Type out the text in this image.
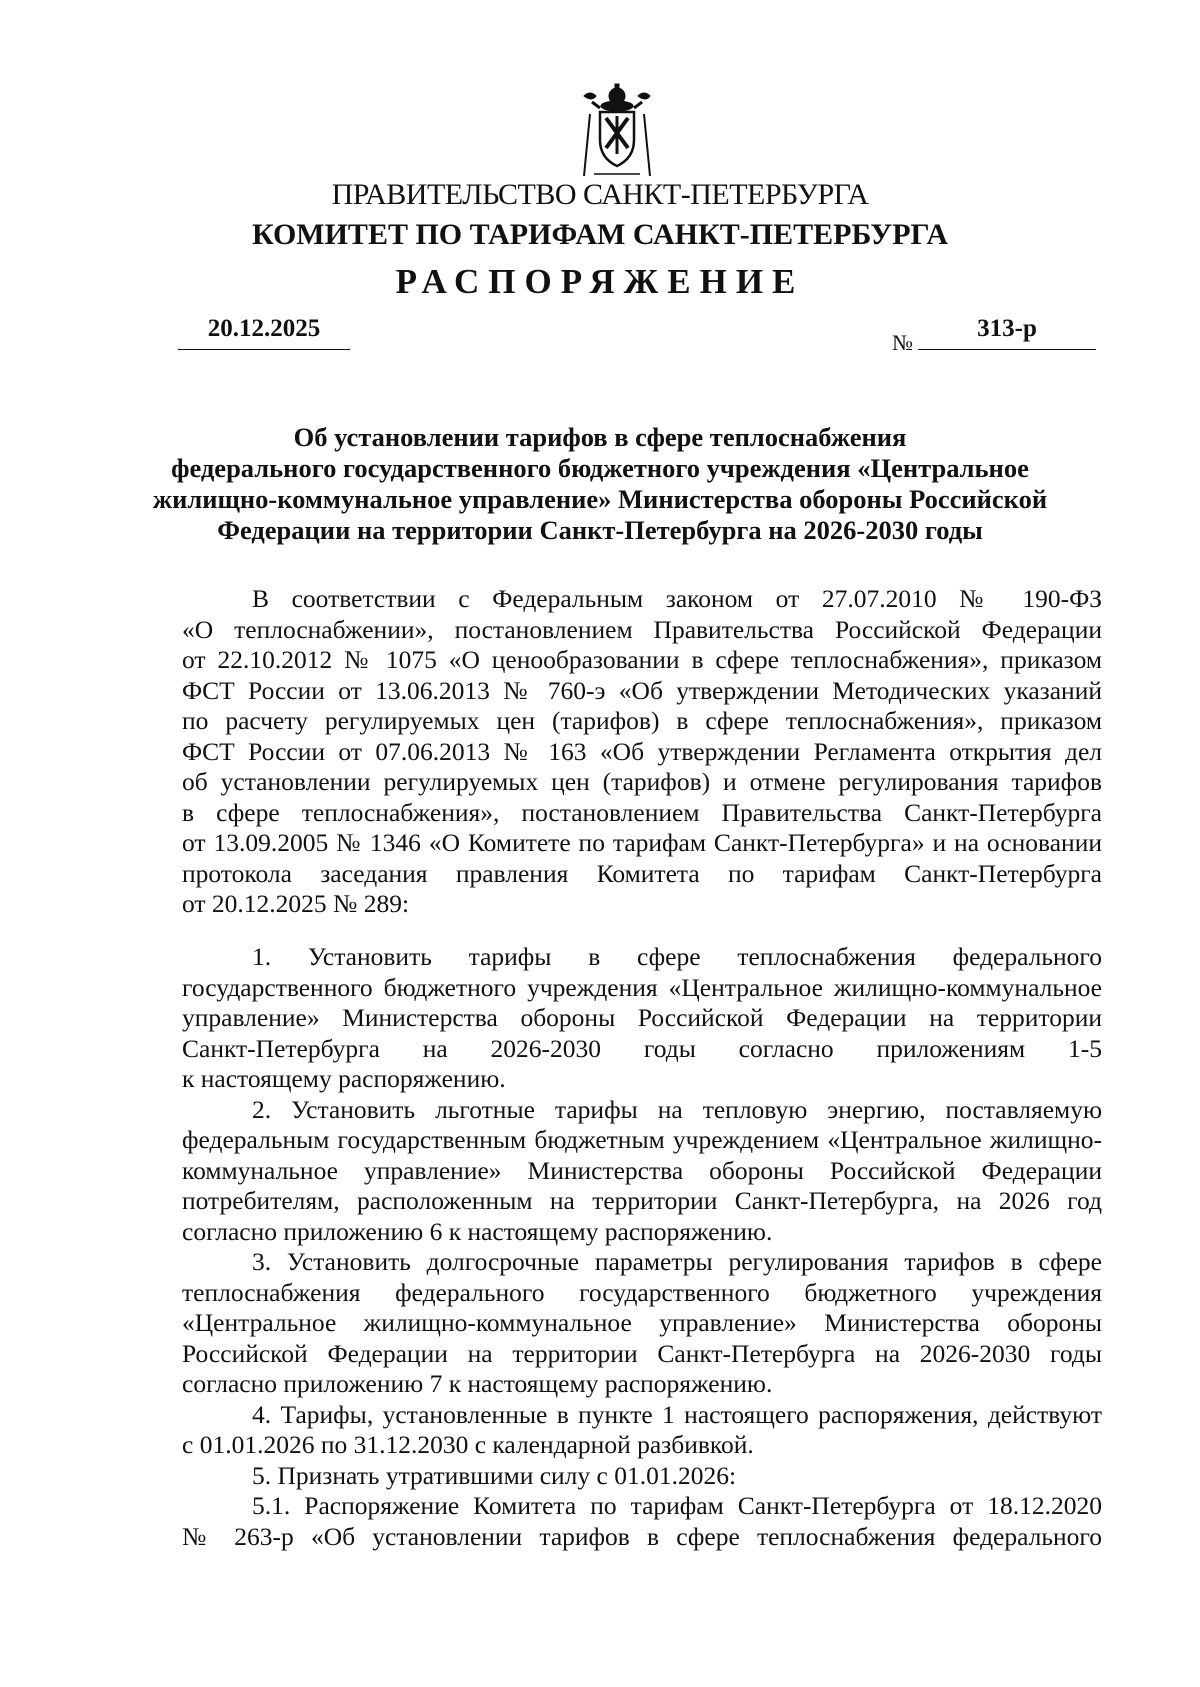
ПРАВИТЕЛЬСТВО САНКТ-ПЕТЕРБУРГА
КОМИТЕТ ПО ТАРИФАМ САНКТ-ПЕТЕРБУРГА
РАСПОРЯЖЕНИЕ
20.12.2025
№
313-р
Об установлении тарифов в сфере теплоснабжения
федерального государственного бюджетного учреждения «Центральное
жилищно-коммунальное управление» Министерства обороны Российской
Федерации на территории Санкт-Петербурга на 2026-2030 годы
В соответствии с Федеральным законом от 27.07.2010 № 190-ФЗ
«О теплоснабжении», постановлением Правительства Российской Федерации
от 22.10.2012 № 1075 «О ценообразовании в сфере теплоснабжения», приказом
ФСТ России от 13.06.2013 № 760-э «Об утверждении Методических указаний
по расчету регулируемых цен (тарифов) в сфере теплоснабжения», приказом
ФСТ России от 07.06.2013 № 163 «Об утверждении Регламента открытия дел
об установлении регулируемых цен (тарифов) и отмене регулирования тарифов
в сфере теплоснабжения», постановлением Правительства Санкт-Петербурга
от 13.09.2005 № 1346 «О Комитете по тарифам Санкт-Петербурга» и на основании
протокола заседания правления Комитета по тарифам Санкт-Петербурга
от 20.12.2025 № 289:
1. Установить тарифы в сфере теплоснабжения федерального
государственного бюджетного учреждения «Центральное жилищно-коммунальное
управление» Министерства обороны Российской Федерации на территории
Санкт-Петербурга на 2026-2030 годы согласно приложениям 1-5
к настоящему распоряжению.
2. Установить льготные тарифы на тепловую энергию, поставляемую
федеральным государственным бюджетным учреждением «Центральное жилищно-
коммунальное управление» Министерства обороны Российской Федерации
потребителям, расположенным на территории Санкт-Петербурга, на 2026 год
согласно приложению 6 к настоящему распоряжению.
3. Установить долгосрочные параметры регулирования тарифов в сфере
теплоснабжения федерального государственного бюджетного учреждения
«Центральное жилищно-коммунальное управление» Министерства обороны
Российской Федерации на территории Санкт-Петербурга на 2026-2030 годы
согласно приложению 7 к настоящему распоряжению.
4. Тарифы, установленные в пункте 1 настоящего распоряжения, действуют
с 01.01.2026 по 31.12.2030 с календарной разбивкой.
5. Признать утратившими силу с 01.01.2026:
5.1. Распоряжение Комитета по тарифам Санкт-Петербурга от 18.12.2020
№ 263-р «Об установлении тарифов в сфере теплоснабжения федерального
